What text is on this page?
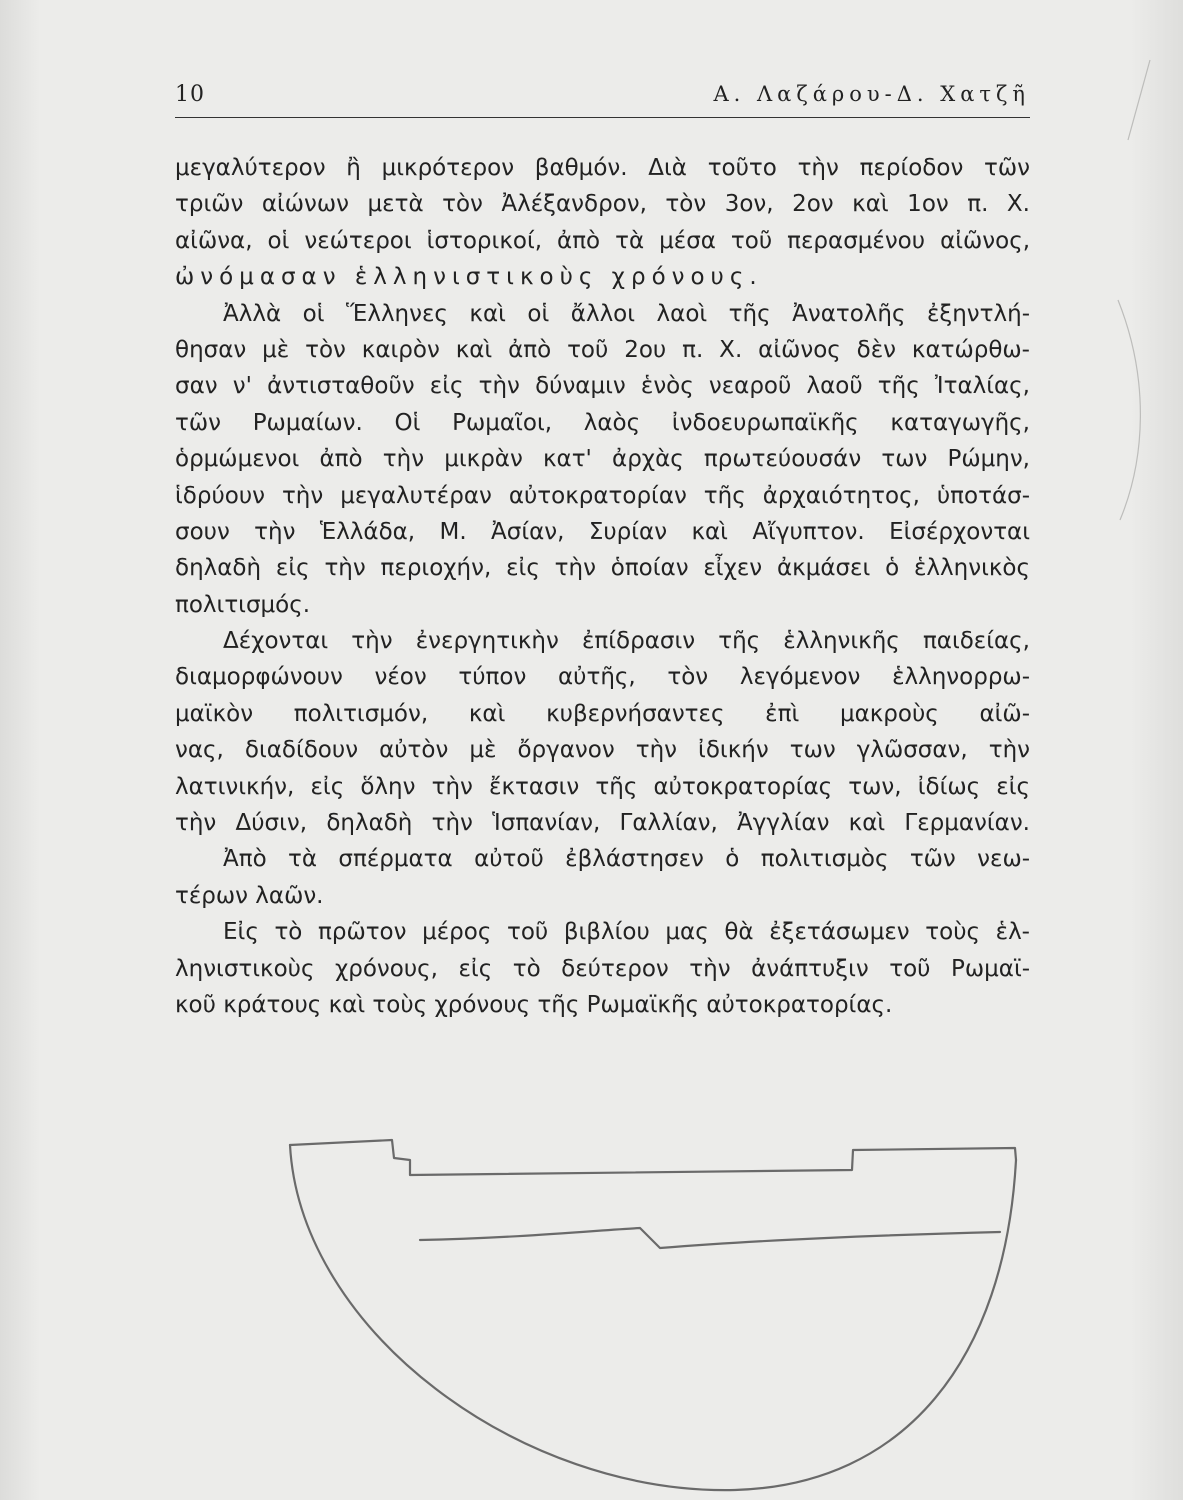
10	Α. Λαζάρου-Δ. Χατζῆ
μεγαλύτερον ἢ μικρότερον βαθμόν. Διὰ τοῦτο τὴν περίοδον τῶν
τριῶν αἰώνων μετὰ τὸν Ἀλέξανδρον, τὸν 3ον, 2ον καὶ 1ον π. Χ.
αἰῶνα, οἱ νεώτεροι ἱστορικοί, ἀπὸ τὰ μέσα τοῦ περασμένου αἰῶνος,
ὠνόμασαν ἑλληνιστικοὺς χρόνους.
Ἀλλὰ οἱ Ἕλληνες καὶ οἱ ἄλλοι λαοὶ τῆς Ἀνατολῆς ἐξηντλή-
θησαν μὲ τὸν καιρὸν καὶ ἀπὸ τοῦ 2ου π. Χ. αἰῶνος δὲν κατώρθω-
σαν ν' ἀντισταθοῦν εἰς τὴν δύναμιν ἑνὸς νεαροῦ λαοῦ τῆς Ἰταλίας,
τῶν Ρωμαίων. Οἱ Ρωμαῖοι, λαὸς ἰνδοευρωπαϊκῆς καταγωγῆς,
ὁρμώμενοι ἀπὸ τὴν μικρὰν κατ' ἀρχὰς πρωτεύουσάν των Ρώμην,
ἱδρύουν τὴν μεγαλυτέραν αὐτοκρατορίαν τῆς ἀρχαιότητος, ὑποτάσ-
σουν τὴν Ἑλλάδα, Μ. Ἀσίαν, Συρίαν καὶ Αἴγυπτον. Εἰσέρχονται
δηλαδὴ εἰς τὴν περιοχήν, εἰς τὴν ὁποίαν εἶχεν ἀκμάσει ὁ ἑλληνικὸς
πολιτισμός.
Δέχονται τὴν ἐνεργητικὴν ἐπίδρασιν τῆς ἑλληνικῆς παιδείας,
διαμορφώνουν νέον τύπον αὐτῆς, τὸν λεγόμενον ἑλληνορρω-
μαϊκὸν πολιτισμόν, καὶ κυβερνήσαντες ἐπὶ μακροὺς αἰῶ-
νας, διαδίδουν αὐτὸν μὲ ὄργανον τὴν ἰδικήν των γλῶσσαν, τὴν
λατινικήν, εἰς ὅλην τὴν ἔκτασιν τῆς αὐτοκρατορίας των, ἰδίως εἰς
τὴν Δύσιν, δηλαδὴ τὴν Ἱσπανίαν, Γαλλίαν, Ἀγγλίαν καὶ Γερμανίαν.
Ἀπὸ τὰ σπέρματα αὐτοῦ ἐβλάστησεν ὁ πολιτισμὸς τῶν νεω-
τέρων λαῶν.
Εἰς τὸ πρῶτον μέρος τοῦ βιβλίου μας θὰ ἐξετάσωμεν τοὺς ἑλ-
ληνιστικοὺς χρόνους, εἰς τὸ δεύτερον τὴν ἀνάπτυξιν τοῦ Ρωμαϊ-
κοῦ κράτους καὶ τοὺς χρόνους τῆς Ρωμαϊκῆς αὐτοκρατορίας.
